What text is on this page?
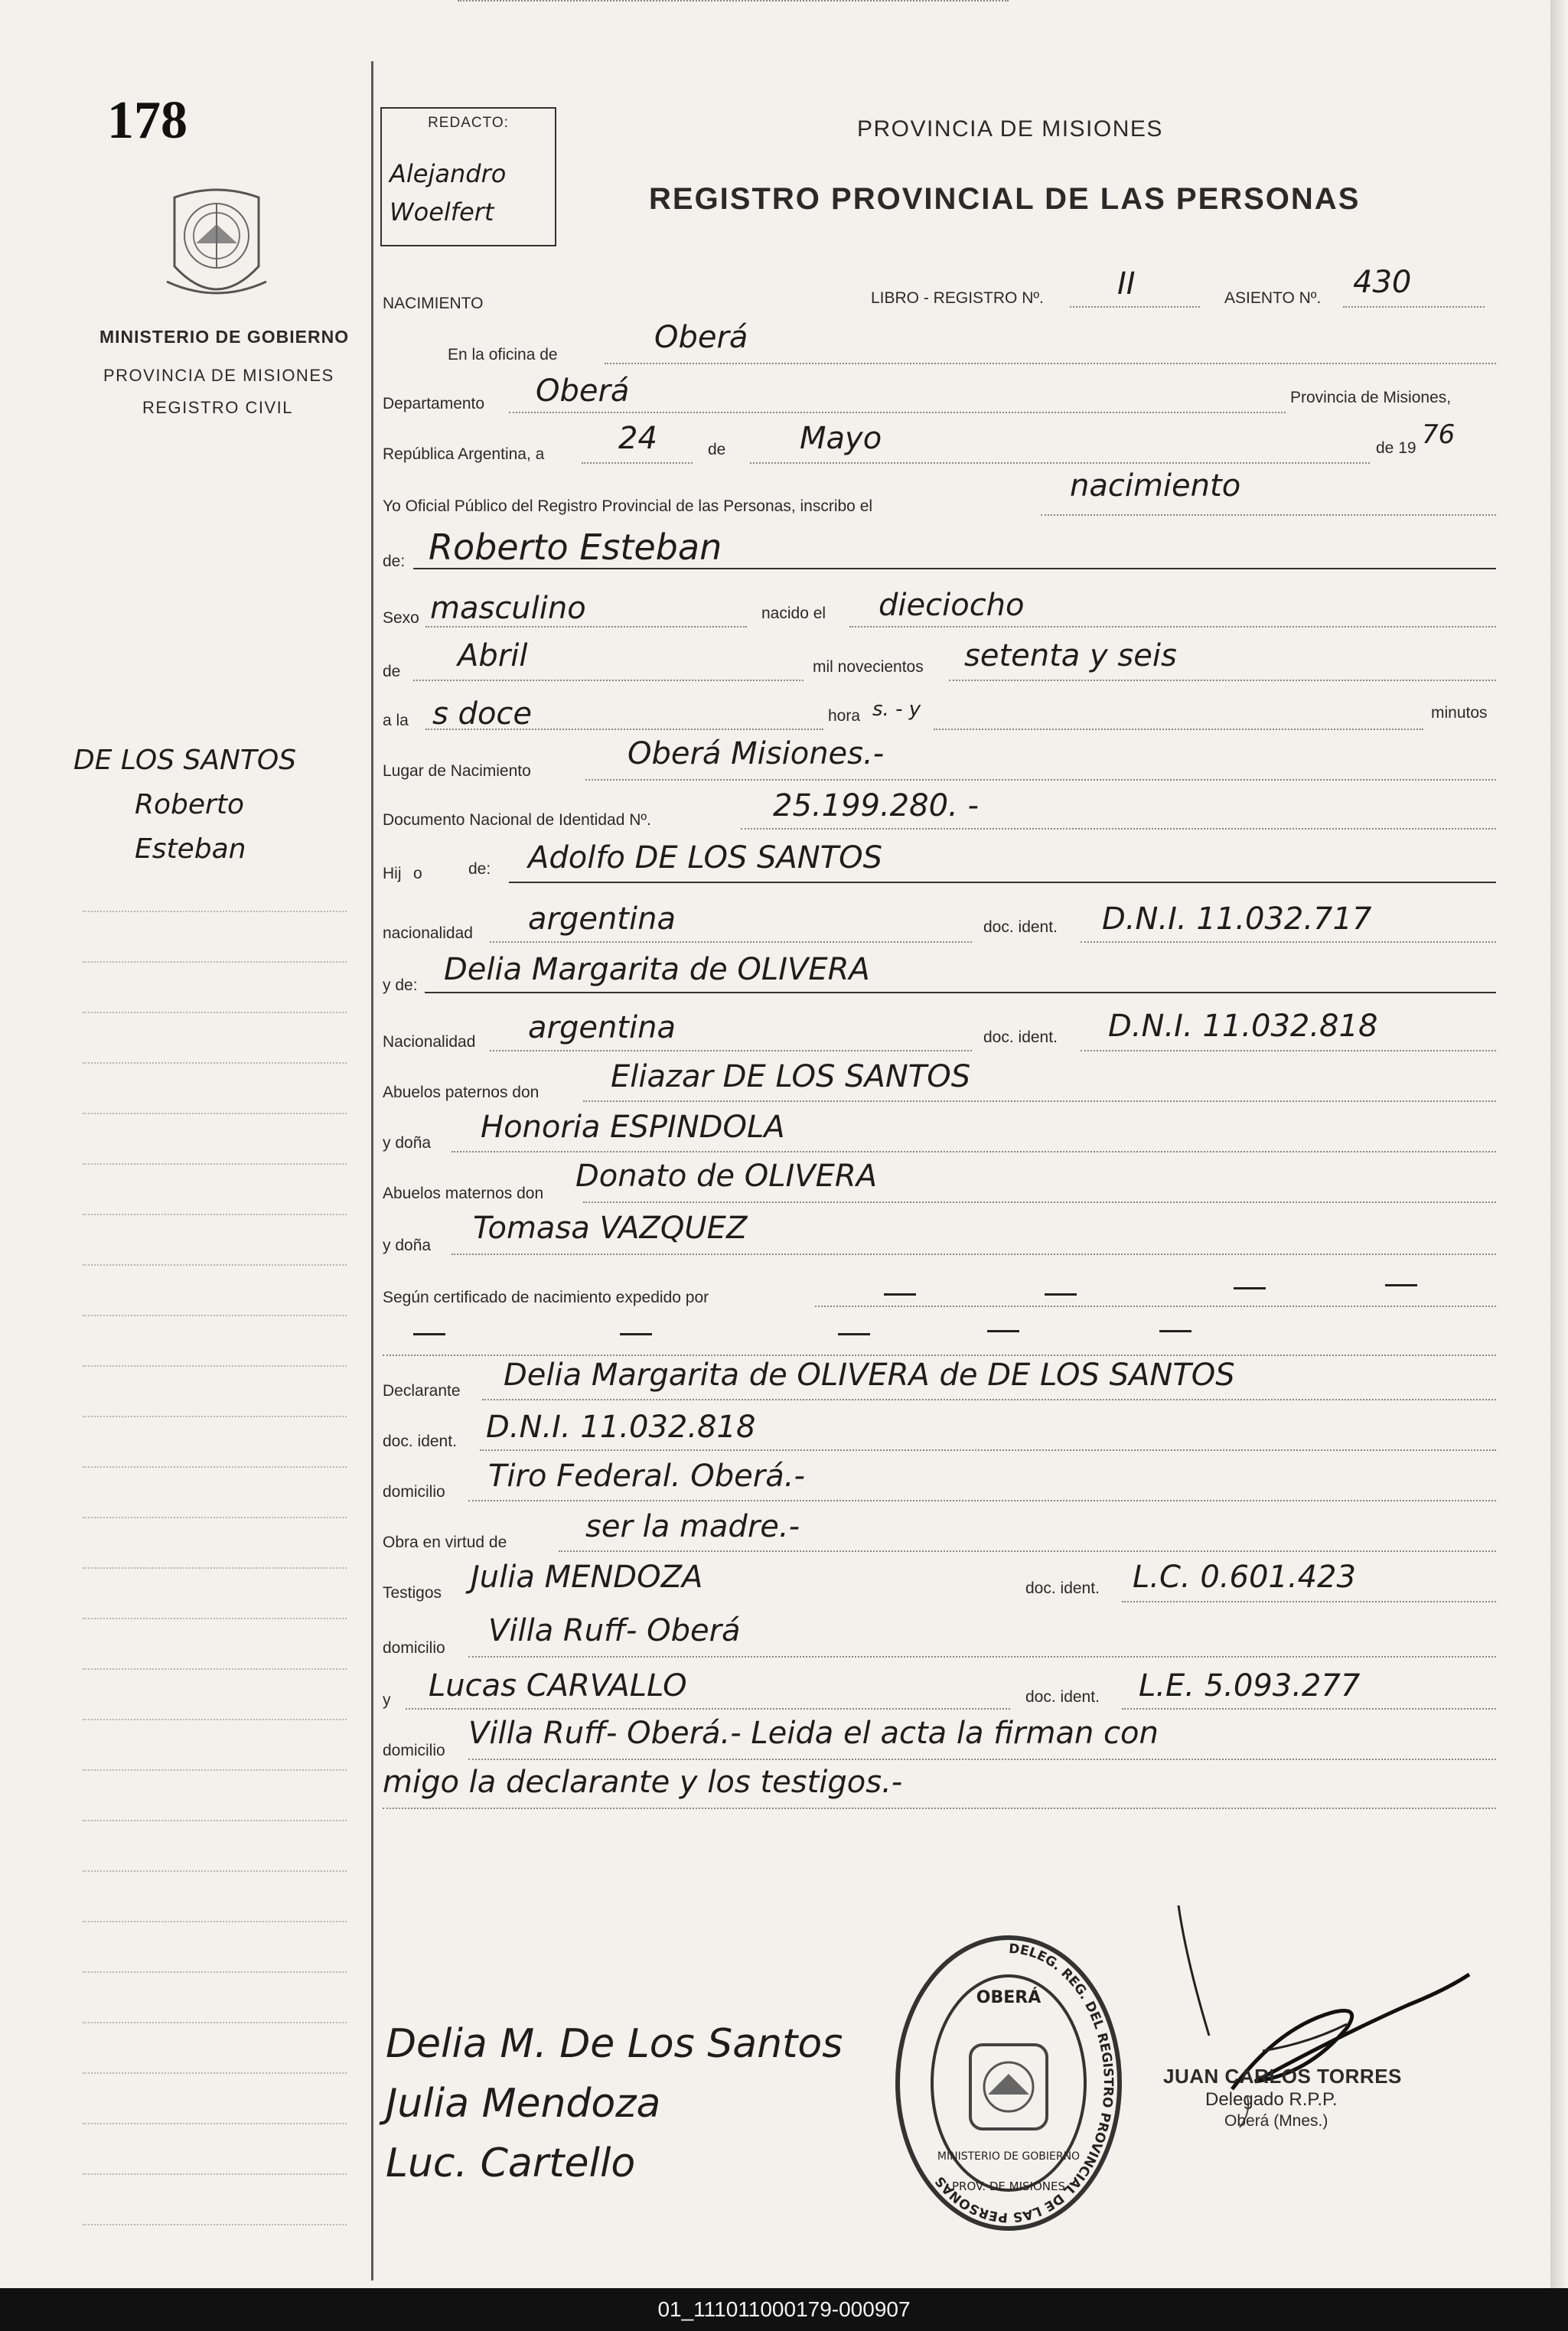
178
MINISTERIO DE GOBIERNO
PROVINCIA DE MISIONES
REGISTRO CIVIL
DE LOS SANTOS
Roberto
Esteban
REDACTO:
Alejandro
Woelfert
PROVINCIA DE MISIONES
REGISTRO PROVINCIAL DE LAS PERSONAS
NACIMIENTO	LIBRO - REGISTRO Nº. II	ASIENTO Nº. 430
En la oficina de	Oberá
Departamento Oberá	Provincia de Misiones,
República Argentina, a 24	de Mayo	de 19 76
Yo Oficial Público del Registro Provincial de las Personas, inscribo el
nacimiento
de: Roberto Esteban
Sexo masculino	nacido el dieciocho
de Abril	mil novecientos setenta y seis
a la s doce	hora s. - y	minutos
Lugar de Nacimiento	Oberá Misiones.-
Documento Nacional de Identidad Nº.	25.199.280. -
Hij o	de: Adolfo DE LOS SANTOS
nacionalidad argentina	doc. ident. D.N.I. 11.032.717
y de: Delia Margarita de OLIVERA
Nacionalidad argentina	doc. ident. D.N.I. 11.032.818
Abuelos paternos don Eliazar DE LOS SANTOS
y doña Honoria ESPINDOLA
Abuelos maternos don Donato de OLIVERA
y doña Tomasa VAZQUEZ
Según certificado de nacimiento expedido por
Declarante Delia Margarita de OLIVERA de DE LOS SANTOS
doc. ident. D.N.I. 11.032.818
domicilio Tiro Federal. Oberá.-
Obra en virtud de	ser la madre.-
Testigos Julia MENDOZA	doc. ident. L.C. 0.601.423
domicilio Villa Ruff- Oberá
y Lucas CARVALLO	doc. ident. L.E. 5.093.277
domicilio Villa Ruff- Oberá.- Leida el acta la firman con
migo la declarante y los testigos.-
Delia M. De Los Santos
Julia Mendoza
Luc. Cartello
DELEG. REG. DEL REGISTRO PROVINCIAL DE LAS PERSONAS
OBERÁ
MINISTERIO DE GOBIERNO
PROV. DE MISIONES
JUAN CARLOS TORRES
Delegado R.P.P.
Oberá (Mnes.)
01_111011000179-000907
